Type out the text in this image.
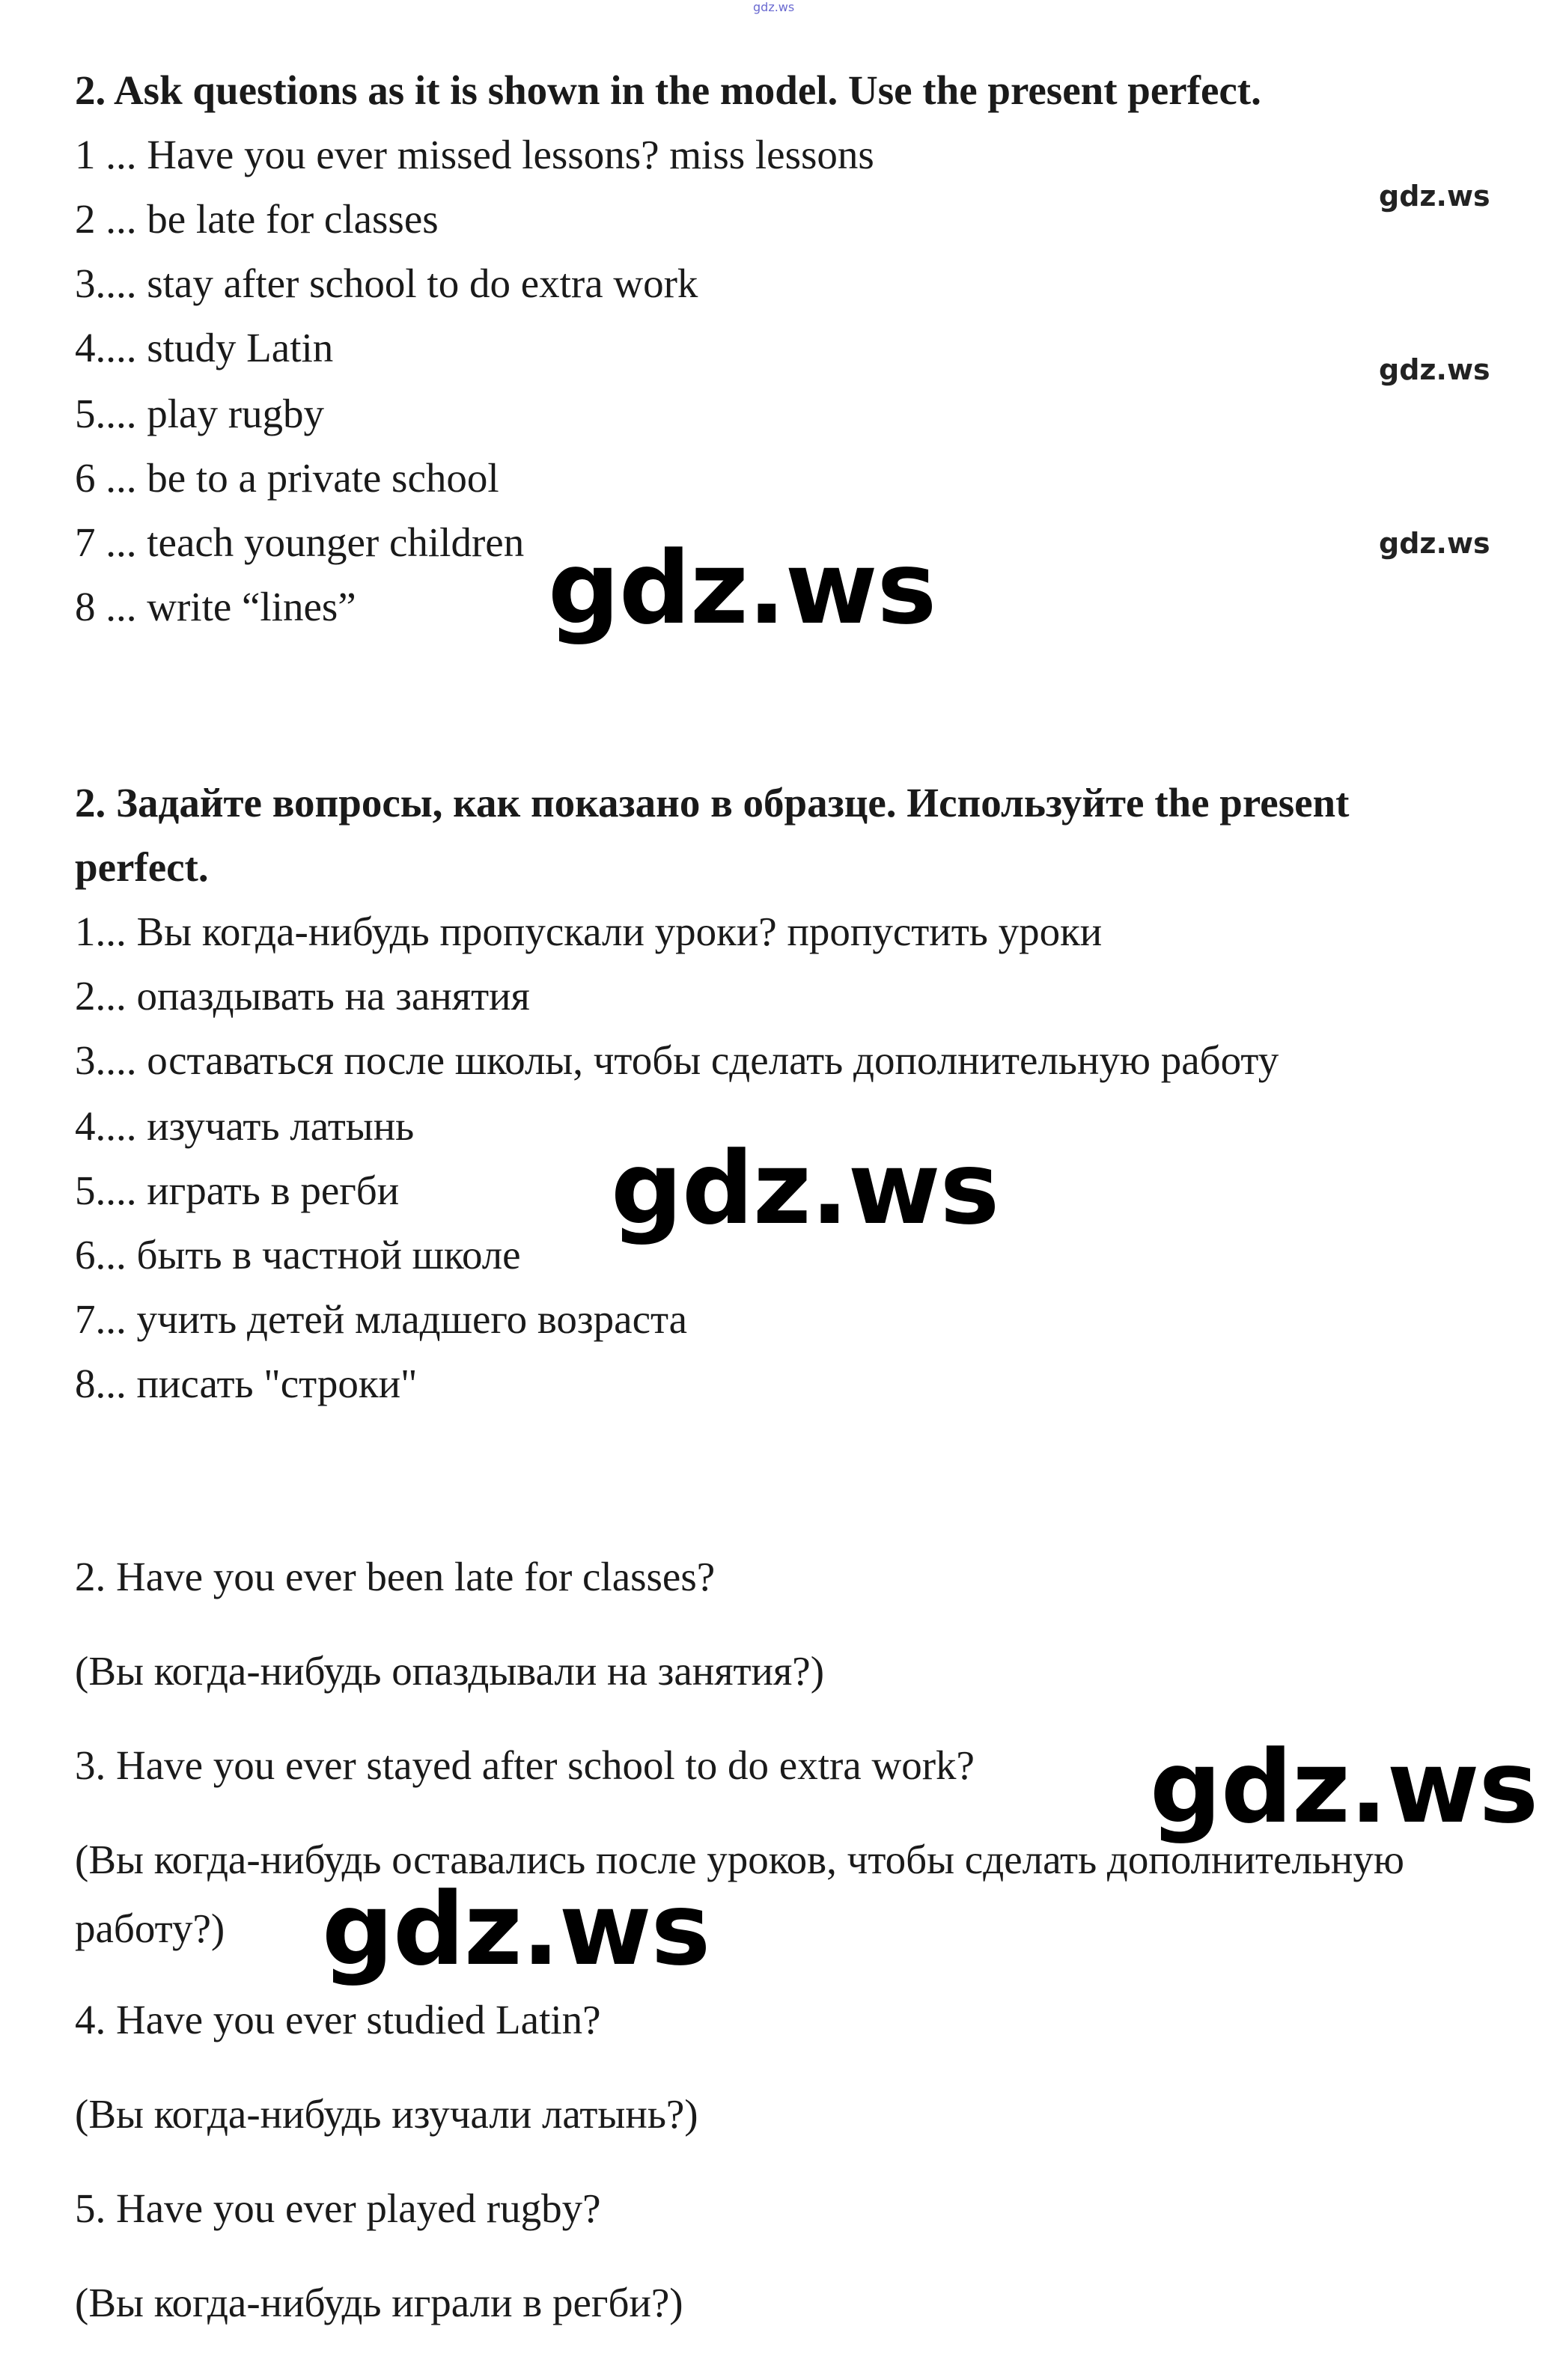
gdz.ws
2. Ask questions as it is shown in the model. Use the present perfect.
1 ... Have you ever missed lessons? miss lessons
2 ... be late for classes
3.... stay after school to do extra work
4.... study Latin
5.... play rugby
6 ... be to a private school
7 ... teach younger children
8 ... write “lines”
gdz.ws
gdz.ws
gdz.ws
gdz.ws
2. Задайте вопросы, как показано в образце. Используйте the present
perfect.
1... Вы когда-нибудь пропускали уроки? пропустить уроки
2... опаздывать на занятия
3.... оставаться после школы, чтобы сделать дополнительную работу
4.... изучать латынь
5.... играть в регби
6... быть в частной школе
7... учить детей младшего возраста
8... писать "строки"
gdz.ws
2. Have you ever been late for classes?
(Вы когда-нибудь опаздывали на занятия?)
3. Have you ever stayed after school to do extra work?
(Вы когда-нибудь оставались после уроков, чтобы сделать дополнительную
работу?)
4. Have you ever studied Latin?
(Вы когда-нибудь изучали латынь?)
5. Have you ever played rugby?
(Вы когда-нибудь играли в регби?)
gdz.ws
gdz.ws
